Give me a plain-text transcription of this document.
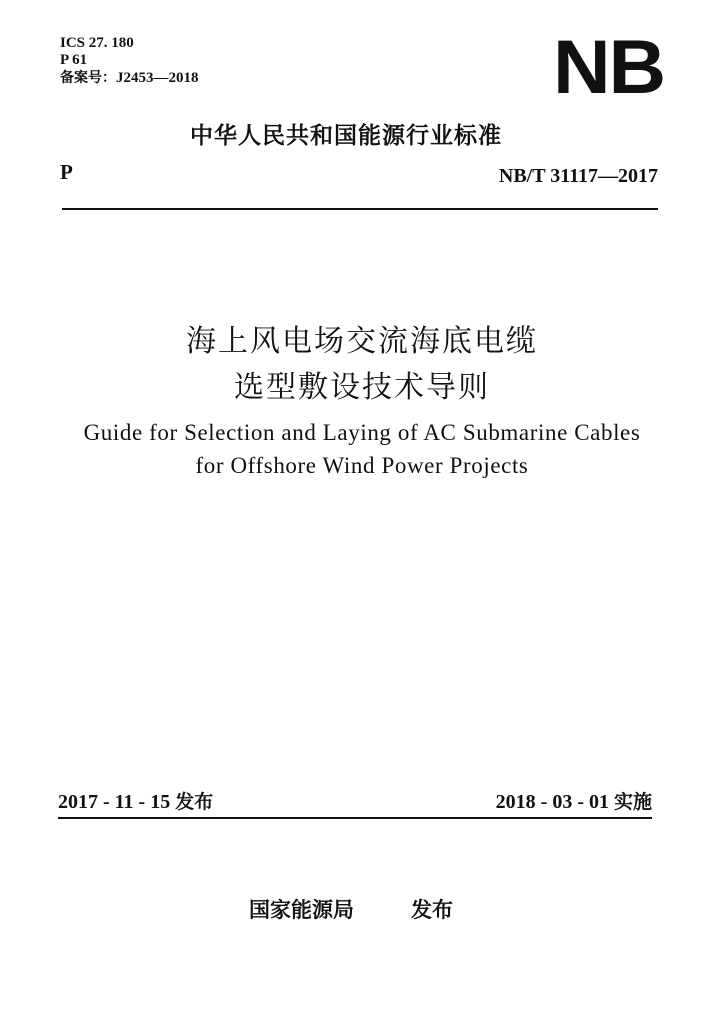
ICS 27. 180
P 61
备案号：J2453—2018	NB
中华人民共和国能源行业标准
P	NB/T 31117—2017
海上风电场交流海底电缆
选型敷设技术导则
Guide for Selection and Laying of AC Submarine Cables
for Offshore Wind Power Projects
2017 - 11 - 15 发布	2018 - 03 - 01 实施
国家能源局	发布
